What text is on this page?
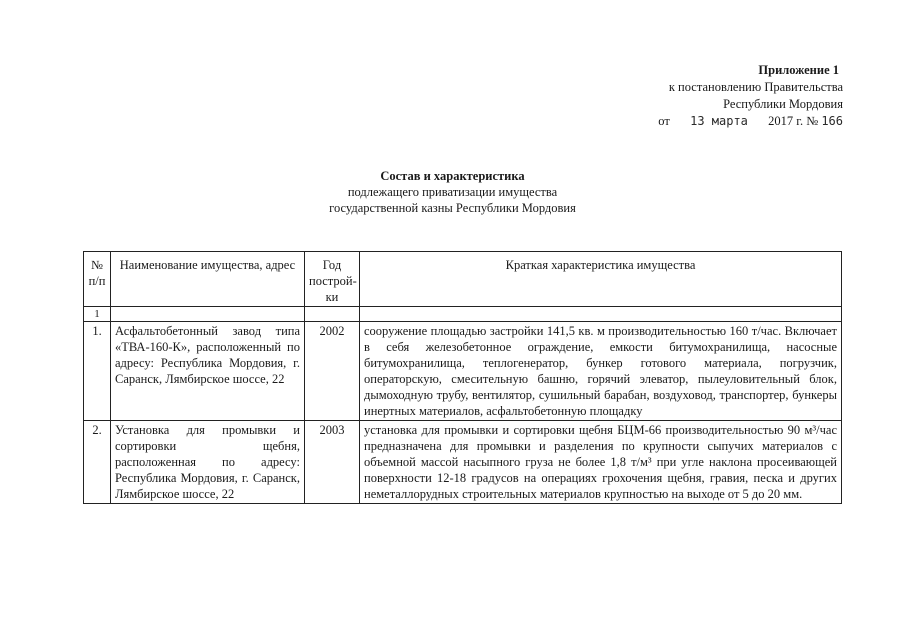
Приложение 1
к постановлению Правительства
Республики Мордовия
от 13 марта 2017 г. № 166
Состав и характеристика
подлежащего приватизации имущества
государственной казны Республики Мордовия
№ п/п	Наименование имущества, адрес	Год построй-ки	Краткая характеристика имущества
1			
1.	Асфальтобетонный завод типа «ТВА-160-К», расположенный по адресу: Республика Мордовия, г. Саранск, Лямбирское шоссе, 22	2002	сооружение площадью застройки 141,5 кв. м производительностью 160 т/час. Включает в себя железобетонное ограждение, емкости битумохранилища, насосные битумохранилища, теплогенератор, бункер готового материала, погрузчик, операторскую, смесительную башню, горячий элеватор, пылеуловительный блок, дымоходную трубу, вентилятор, сушильный барабан, воздуховод, транспортер, бункеры инертных материалов, асфальтобетонную площадку
2.	Установка для промывки и сортировки щебня, расположенная по адресу: Республика Мордовия, г. Саранск, Лямбирское шоссе, 22	2003	установка для промывки и сортировки щебня БЦМ-66 производительностью 90 м³/час предназначена для промывки и разделения по крупности сыпучих материалов с объемной массой насыпного груза не более 1,8 т/м³ при угле наклона просеивающей поверхности 12-18 градусов на операциях грохочения щебня, гравия, песка и других неметаллорудных строительных материалов крупностью на выходе от 5 до 20 мм.
